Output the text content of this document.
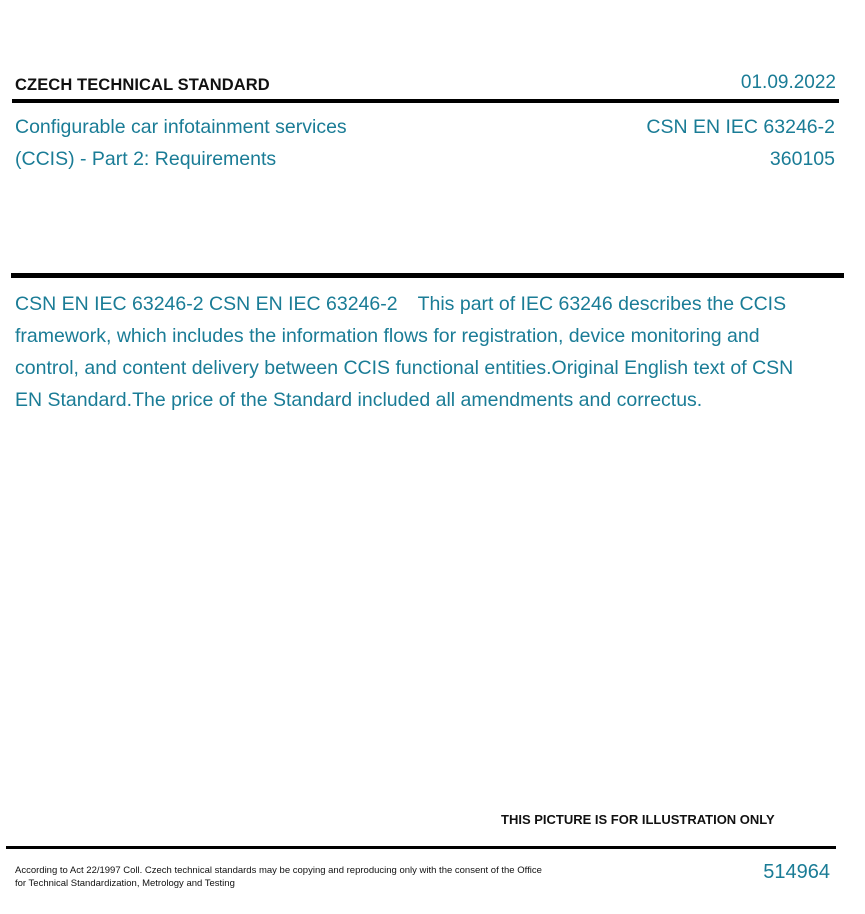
CZECH TECHNICAL STANDARD	01.09.2022
Configurable car infotainment services
(CCIS) - Part 2: Requirements
CSN EN IEC 63246-2
360105
CSN EN IEC 63246-2 CSN EN IEC 63246-2 This part of IEC 63246 describes the CCIS framework, which includes the information flows for registration, device monitoring and control, and content delivery between CCIS functional entities.Original English text of CSN EN Standard.The price of the Standard included all amendments and correctus.
THIS PICTURE IS FOR ILLUSTRATION ONLY
According to Act 22/1997 Coll. Czech technical standards may be copying and reproducing only with the consent of the Office
for Technical Standardization, Metrology and Testing
514964
